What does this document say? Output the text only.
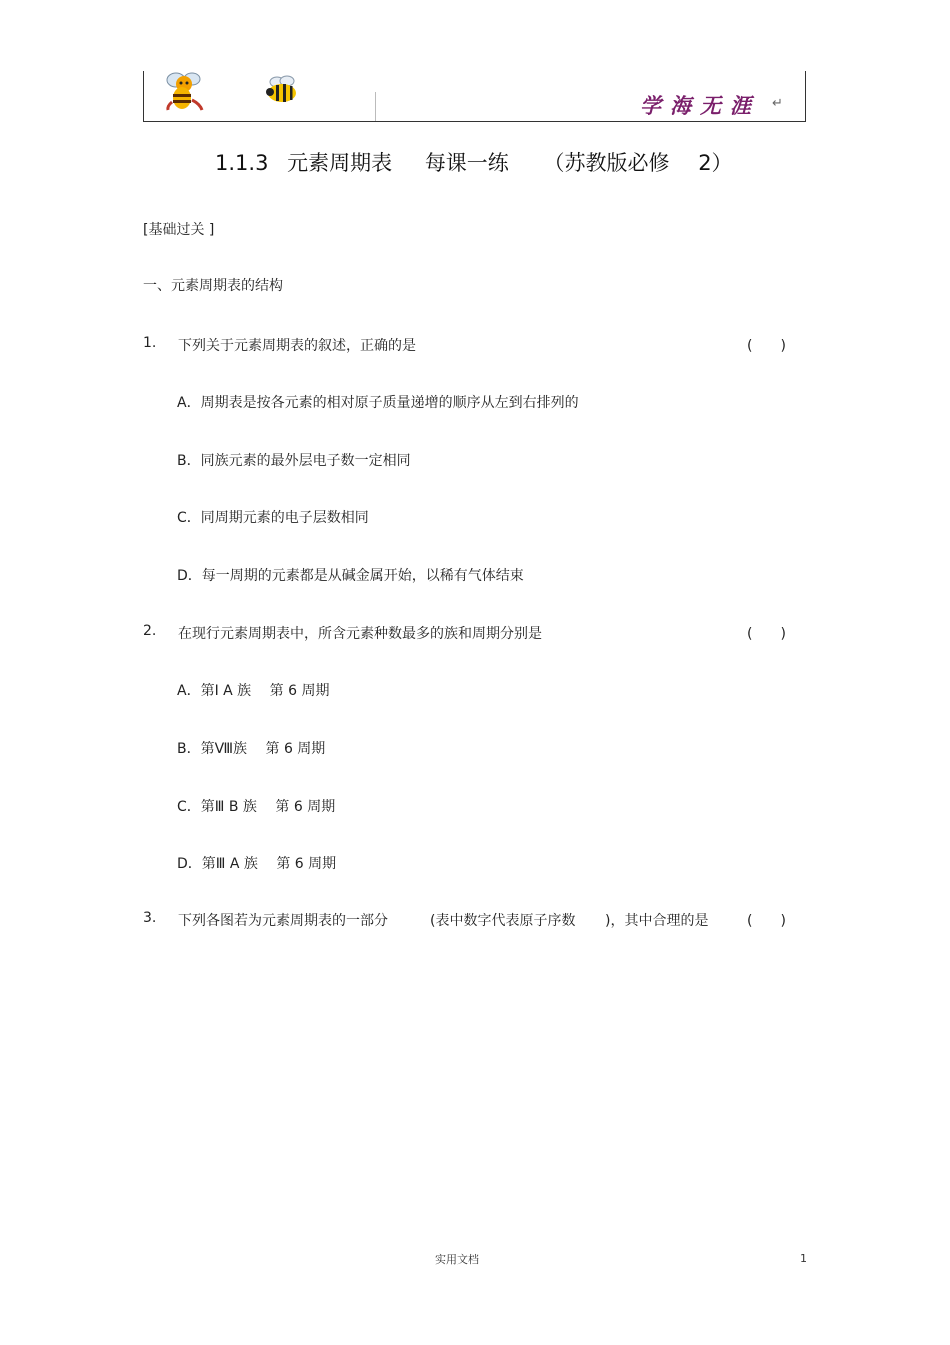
学海无涯 ↵
1.1.3 元素周期表 每课一练 （苏教版必修 2）
[基础过关 ]
一、元素周期表的结构
1. 下列关于元素周期表的叙述，正确的是	(　　)
A．周期表是按各元素的相对原子质量递增的顺序从左到右排列的
B．同族元素的最外层电子数一定相同
C．同周期元素的电子层数相同
D．每一周期的元素都是从碱金属开始，以稀有气体结束
2. 在现行元素周期表中，所含元素种数最多的族和周期分别是	(　　)
A．第Ⅰ A 族　 第 6 周期
B．第Ⅷ族　 第 6 周期
C．第Ⅲ B 族　 第 6 周期
D．第Ⅲ A 族　 第 6 周期
3. 下列各图若为元素周期表的一部分	(表中数字代表原子序数 )，其中合理的是	(　　)
实用文档	1
